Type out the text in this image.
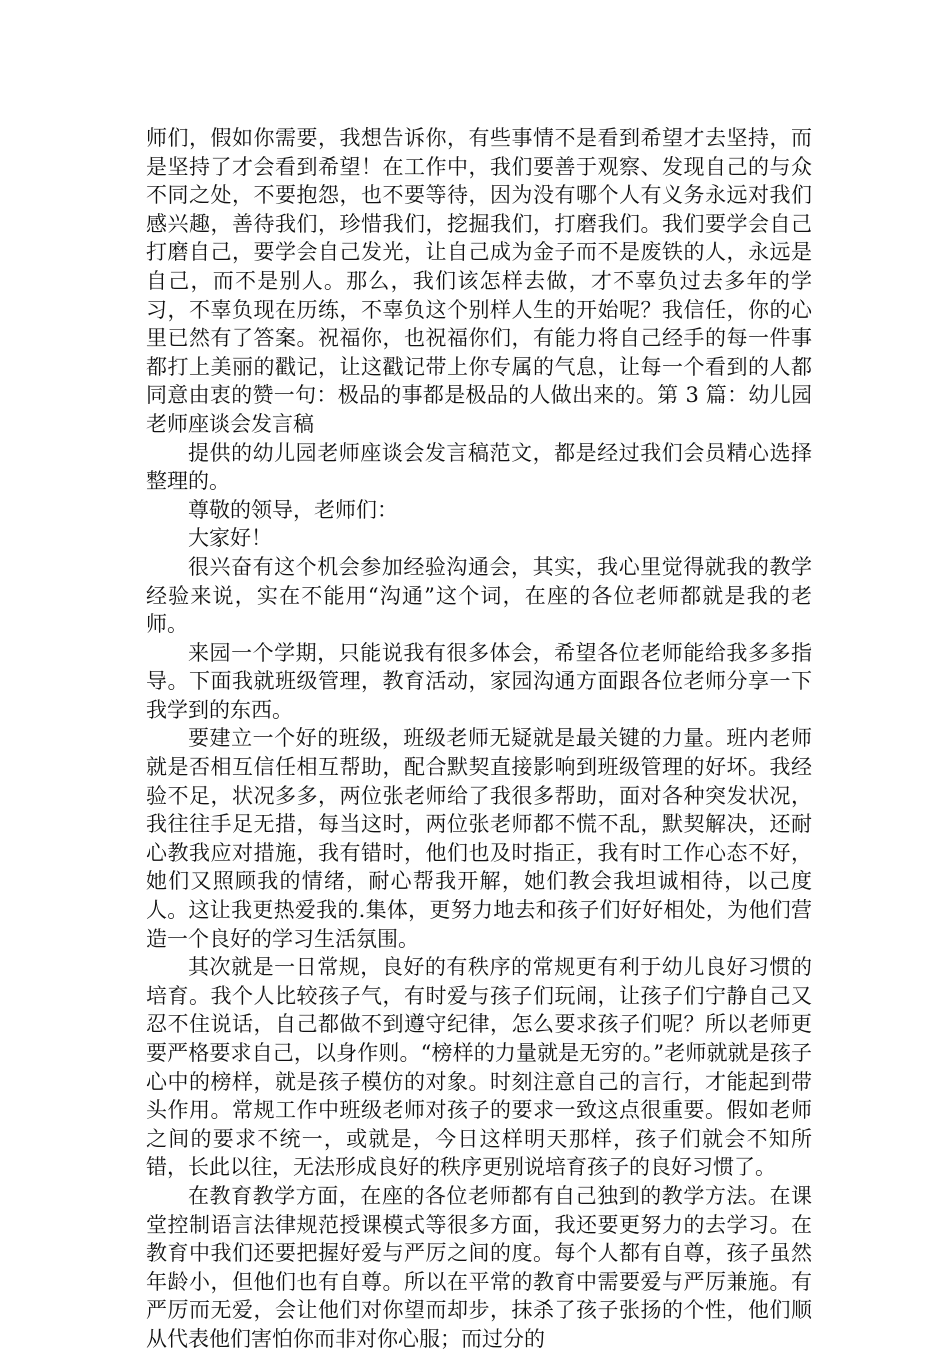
师们，假如你需要，我想告诉你，有些事情不是看到希望才去坚持，而是坚持了才会看到希望！在工作中，我们要善于观察、发现自己的与众不同之处，不要抱怨，也不要等待，因为没有哪个人有义务永远对我们感兴趣，善待我们，珍惜我们，挖掘我们，打磨我们。我们要学会自己打磨自己，要学会自己发光，让自己成为金子而不是废铁的人，永远是自己，而不是别人。那么，我们该怎样去做，才不辜负过去多年的学习，不辜负现在历练，不辜负这个别样人生的开始呢？我信任，你的心里已然有了答案。祝福你，也祝福你们，有能力将自己经手的每一件事都打上美丽的戳记，让这戳记带上你专属的气息，让每一个看到的人都同意由衷的赞一句：极品的事都是极品的人做出来的。第 3 篇：幼儿园老师座谈会发言稿

提供的幼儿园老师座谈会发言稿范文，都是经过我们会员精心选择整理的。

尊敬的领导，老师们：

大家好！

很兴奋有这个机会参加经验沟通会，其实，我心里觉得就我的教学经验来说，实在不能用“沟通”这个词，在座的各位老师都就是我的老师。

来园一个学期，只能说我有很多体会，希望各位老师能给我多多指导。下面我就班级管理，教育活动，家园沟通方面跟各位老师分享一下我学到的东西。

要建立一个好的班级，班级老师无疑就是最关键的力量。班内老师就是否相互信任相互帮助，配合默契直接影响到班级管理的好坏。我经验不足，状况多多，两位张老师给了我很多帮助，面对各种突发状况，我往往手足无措，每当这时，两位张老师都不慌不乱，默契解决，还耐心教我应对措施，我有错时，他们也及时指正，我有时工作心态不好，她们又照顾我的情绪，耐心帮我开解，她们教会我坦诚相待，以己度人。这让我更热爱我的.集体，更努力地去和孩子们好好相处，为他们营造一个良好的学习生活氛围。

其次就是一日常规，良好的有秩序的常规更有利于幼儿良好习惯的培育。我个人比较孩子气，有时爱与孩子们玩闹，让孩子们宁静自己又忍不住说话，自己都做不到遵守纪律，怎么要求孩子们呢？所以老师更要严格要求自己，以身作则。“榜样的力量就是无穷的。”老师就就是孩子心中的榜样，就是孩子模仿的对象。时刻注意自己的言行，才能起到带头作用。常规工作中班级老师对孩子的要求一致这点很重要。假如老师之间的要求不统一，或就是，今日这样明天那样，孩子们就会不知所错，长此以往，无法形成良好的秩序更别说培育孩子的良好习惯了。

在教育教学方面，在座的各位老师都有自己独到的教学方法。在课堂控制语言法律规范授课模式等很多方面，我还要更努力的去学习。在教育中我们还要把握好爱与严厉之间的度。每个人都有自尊，孩子虽然年龄小，但他们也有自尊。所以在平常的教育中需要爱与严厉兼施。有严厉而无爱，会让他们对你望而却步，抹杀了孩子张扬的个性，他们顺从代表他们害怕你而非对你心服；而过分的
